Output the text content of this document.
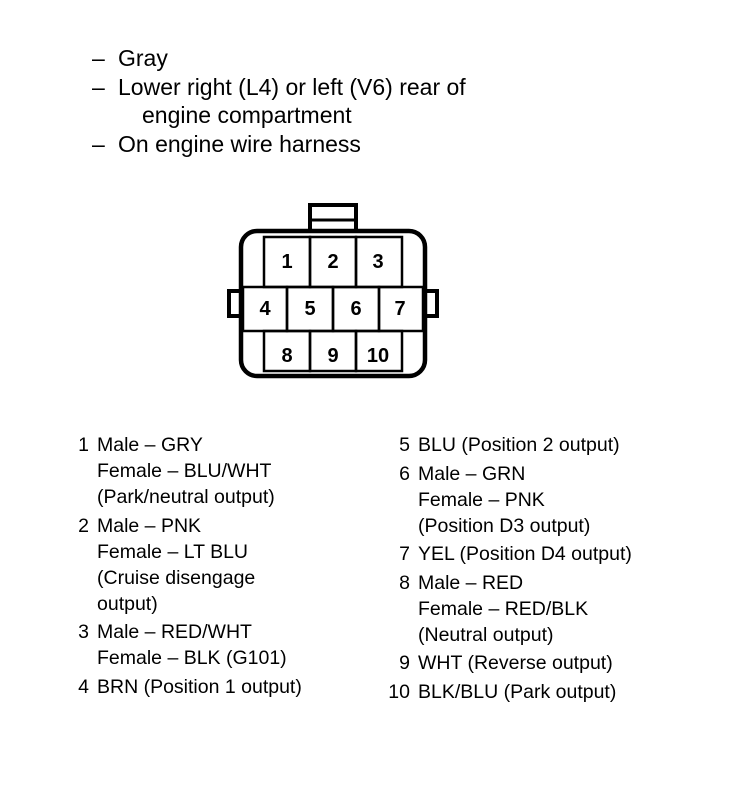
– Gray
– Lower right (L4) or left (V6) rear of
engine compartment
– On engine wire harness
1 2 3
4 5 6 7
8 9 10
1 Male – GRY
Female – BLU/WHT
(Park/neutral output)
2 Male – PNK
Female – LT BLU
(Cruise disengage
output)
3 Male – RED/WHT
Female – BLK (G101)
4 BRN (Position 1 output)
5 BLU (Position 2 output)
6 Male – GRN
Female – PNK
(Position D3 output)
7 YEL (Position D4 output)
8 Male – RED
Female – RED/BLK
(Neutral output)
9 WHT (Reverse output)
10 BLK/BLU (Park output)
